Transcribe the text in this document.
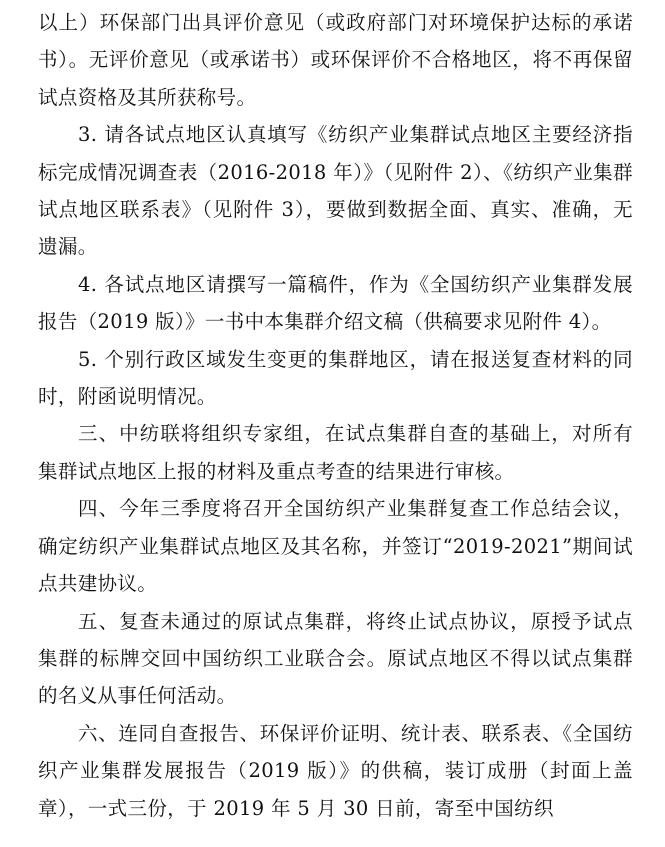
以上）环保部门出具评价意见（或政府部门对环境保护达标的承诺书）。无评价意见（或承诺书）或环保评价不合格地区，将不再保留试点资格及其所获称号。

3. 请各试点地区认真填写《纺织产业集群试点地区主要经济指标完成情况调查表（2016-2018 年）》（见附件 2）、《纺织产业集群试点地区联系表》（见附件 3），要做到数据全面、真实、准确，无遗漏。

4. 各试点地区请撰写一篇稿件，作为《全国纺织产业集群发展报告（2019 版）》一书中本集群介绍文稿（供稿要求见附件 4）。

5. 个别行政区域发生变更的集群地区，请在报送复查材料的同时，附函说明情况。

三、中纺联将组织专家组，在试点集群自查的基础上，对所有集群试点地区上报的材料及重点考查的结果进行审核。

四、今年三季度将召开全国纺织产业集群复查工作总结会议，确定纺织产业集群试点地区及其名称，并签订“2019-2021”期间试点共建协议。

五、复查未通过的原试点集群，将终止试点协议，原授予试点集群的标牌交回中国纺织工业联合会。原试点地区不得以试点集群的名义从事任何活动。

六、连同自查报告、环保评价证明、统计表、联系表、《全国纺织产业集群发展报告（2019 版）》的供稿，装订成册（封面上盖章），一式三份，于 2019 年 5 月 30 日前，寄至中国纺织
